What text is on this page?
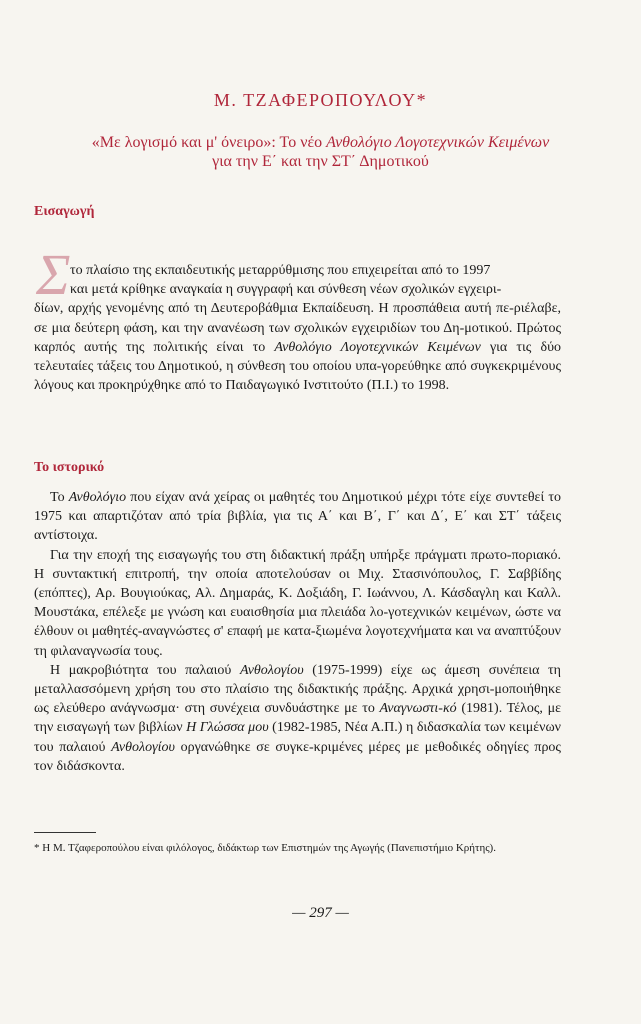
Μ. ΤΖΑΦΕΡΟΠΟΥΛΟΥ*
«Με λογισμό και μ' όνειρο»: Το νέο Ανθολόγιο Λογοτεχνικών Κειμένων
για την Ε΄ και την ΣΤ΄ Δημοτικού
Εισαγωγή
Σ το πλαίσιο της εκπαιδευτικής μεταρρύθμισης που επιχειρείται από το 1997
και μετά κρίθηκε αναγκαία η συγγραφή και σύνθεση νέων σχολικών εγχειρι-

δίων, αρχής γενομένης από τη Δευτεροβάθμια Εκπαίδευση. Η προσπάθεια αυτή πε-ριέλαβε, σε μια δεύτερη φάση, και την ανανέωση των σχολικών εγχειριδίων του Δη-μοτικού. Πρώτος καρπός αυτής της πολιτικής είναι το Ανθολόγιο Λογοτεχνικών Κειμένων για τις δύο τελευταίες τάξεις του Δημοτικού, η σύνθεση του οποίου υπα-γορεύθηκε από συγκεκριμένους λόγους και προκηρύχθηκε από το Παιδαγωγικό Ινστιτούτο (Π.Ι.) το 1998.

Το ιστορικό

Το Ανθολόγιο που είχαν ανά χείρας οι μαθητές του Δημοτικού μέχρι τότε είχε συντεθεί το 1975 και απαρτιζόταν από τρία βιβλία, για τις Α΄ και Β΄, Γ΄ και Δ΄, Ε΄ και ΣΤ΄ τάξεις αντίστοιχα.

Για την εποχή της εισαγωγής του στη διδακτική πράξη υπήρξε πράγματι πρωτο-ποριακό. Η συντακτική επιτροπή, την οποία αποτελούσαν οι Μιχ. Στασινόπουλος, Γ. Σαββίδης (επόπτες), Αρ. Βουγιούκας, Αλ. Δημαράς, Κ. Δοξιάδη, Γ. Ιωάννου, Λ. Κάσδαγλη και Καλλ. Μουστάκα, επέλεξε με γνώση και ευαισθησία μια πλειάδα λο-γοτεχνικών κειμένων, ώστε να έλθουν οι μαθητές-αναγνώστες σ' επαφή με κατα-ξιωμένα λογοτεχνήματα και να αναπτύξουν τη φιλαναγνωσία τους.

Η μακροβιότητα του παλαιού Ανθολογίου (1975-1999) είχε ως άμεση συνέπεια τη μεταλλασσόμενη χρήση του στο πλαίσιο της διδακτικής πράξης. Αρχικά χρησι-μοποιήθηκε ως ελεύθερο ανάγνωσμα· στη συνέχεια συνδυάστηκε με το Αναγνωστι-κό (1981). Τέλος, με την εισαγωγή των βιβλίων Η Γλώσσα μου (1982-1985, Νέα Α.Π.) η διδασκαλία των κειμένων του παλαιού Ανθολογίου οργανώθηκε σε συγκε-κριμένες μέρες με μεθοδικές οδηγίες προς τον διδάσκοντα.

* Η Μ. Τζαφεροπούλου είναι φιλόλογος, διδάκτωρ των Επιστημών της Αγωγής (Πανεπιστήμιο Κρήτης).
— 297 —
